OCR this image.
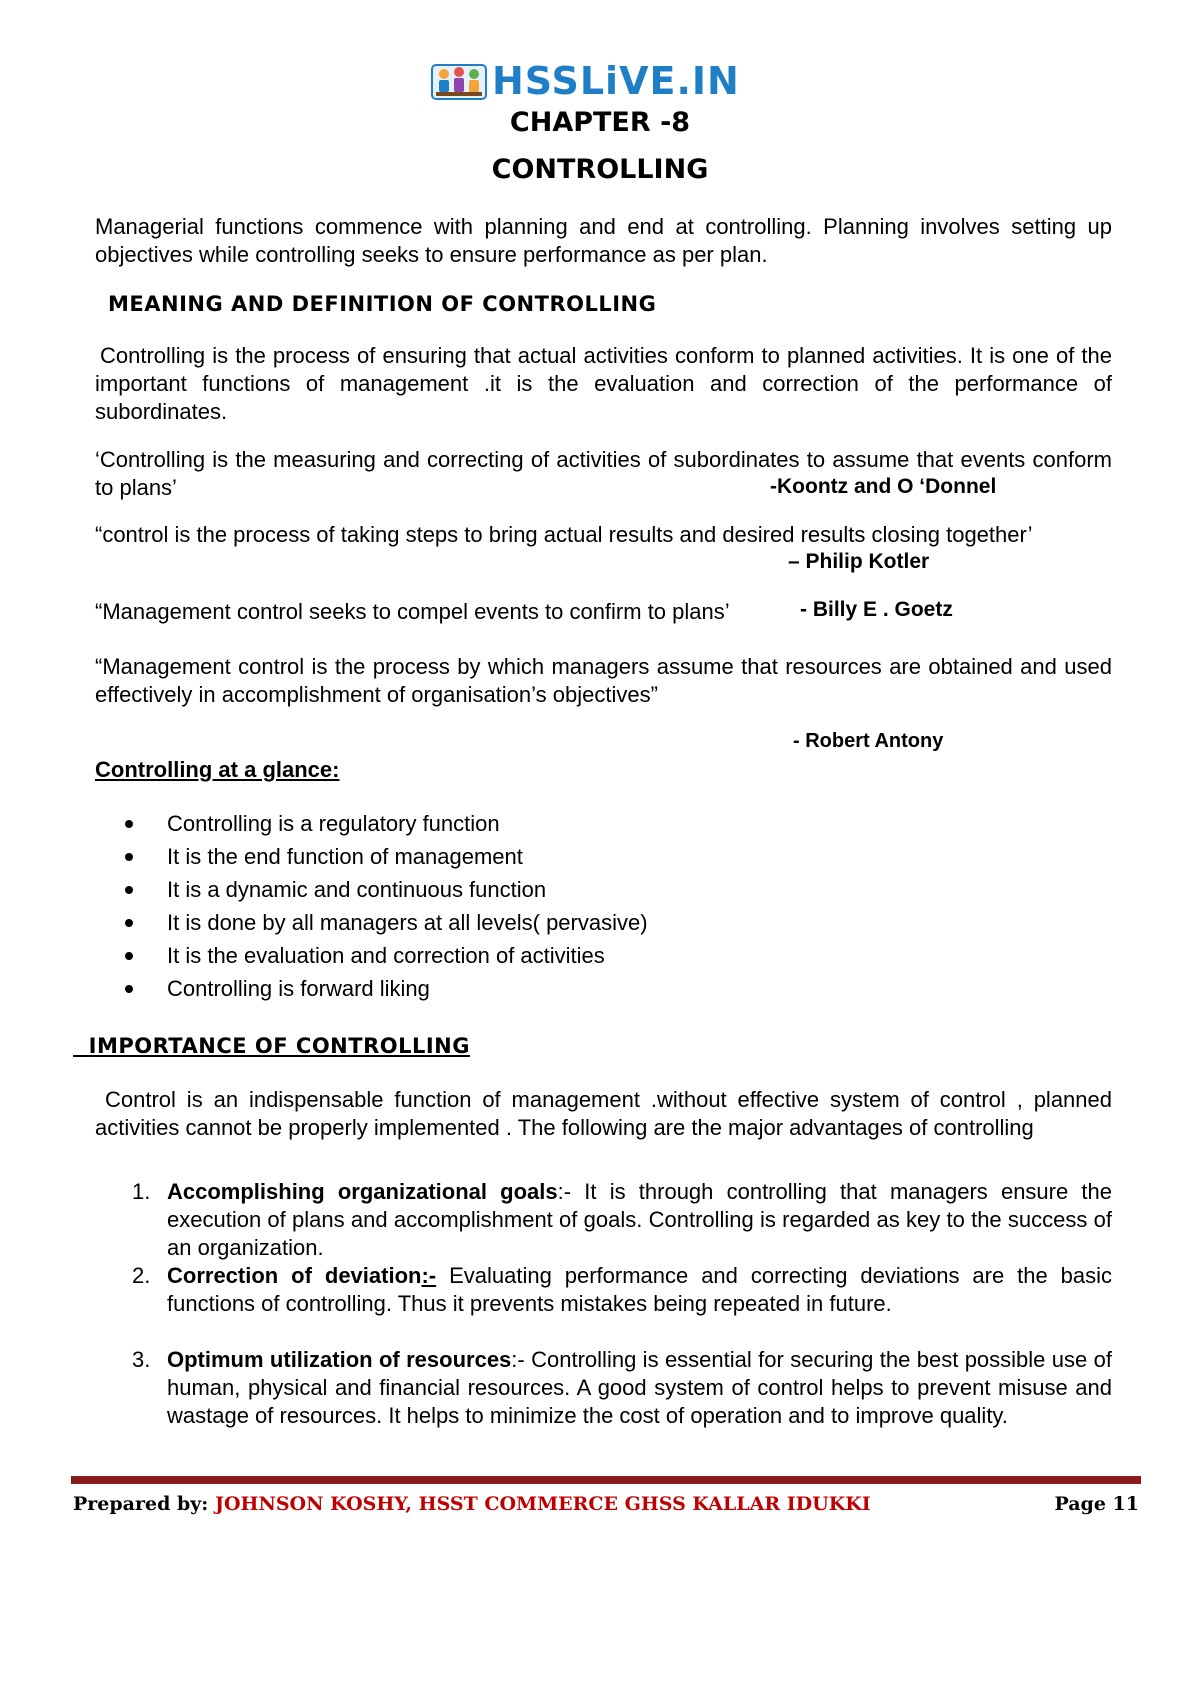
HSSLiVE.IN
CHAPTER -8
CONTROLLING
Managerial functions commence with planning and end at controlling. Planning involves setting up objectives while controlling seeks to ensure performance as per plan.
MEANING AND DEFINITION OF CONTROLLING
Controlling is the process of ensuring that actual activities conform to planned activities. It is one of the important functions of management .it is the evaluation and correction of the performance of subordinates.
‘Controlling is the measuring and correcting of activities of subordinates to assume that events conform to plans’	-Koontz and O ‘Donnel
“control is the process of taking steps to bring actual results and desired results closing together’
– Philip Kotler
“Management control seeks to compel events to confirm to plans’	- Billy E . Goetz
“Management control is the process by which managers assume that resources are obtained and used effectively in accomplishment of organisation’s objectives”
- Robert Antony
Controlling at a glance:
Controlling is a regulatory function
It is the end function of management
It is a dynamic and continuous function
It is done by all managers at all levels( pervasive)
It is the evaluation and correction of activities
Controlling is forward liking
IMPORTANCE OF CONTROLLING
Control is an indispensable function of management .without effective system of control , planned activities cannot be properly implemented . The following are the major advantages of controlling
1. Accomplishing organizational goals:- It is through controlling that managers ensure the execution of plans and accomplishment of goals. Controlling is regarded as key to the success of an organization.
2. Correction of deviation:- Evaluating performance and correcting deviations are the basic functions of controlling. Thus it prevents mistakes being repeated in future.
3. Optimum utilization of resources:- Controlling is essential for securing the best possible use of human, physical and financial resources. A good system of control helps to prevent misuse and wastage of resources. It helps to minimize the cost of operation and to improve quality.
Prepared by: JOHNSON KOSHY, HSST COMMERCE GHSS KALLAR IDUKKI	Page 11
